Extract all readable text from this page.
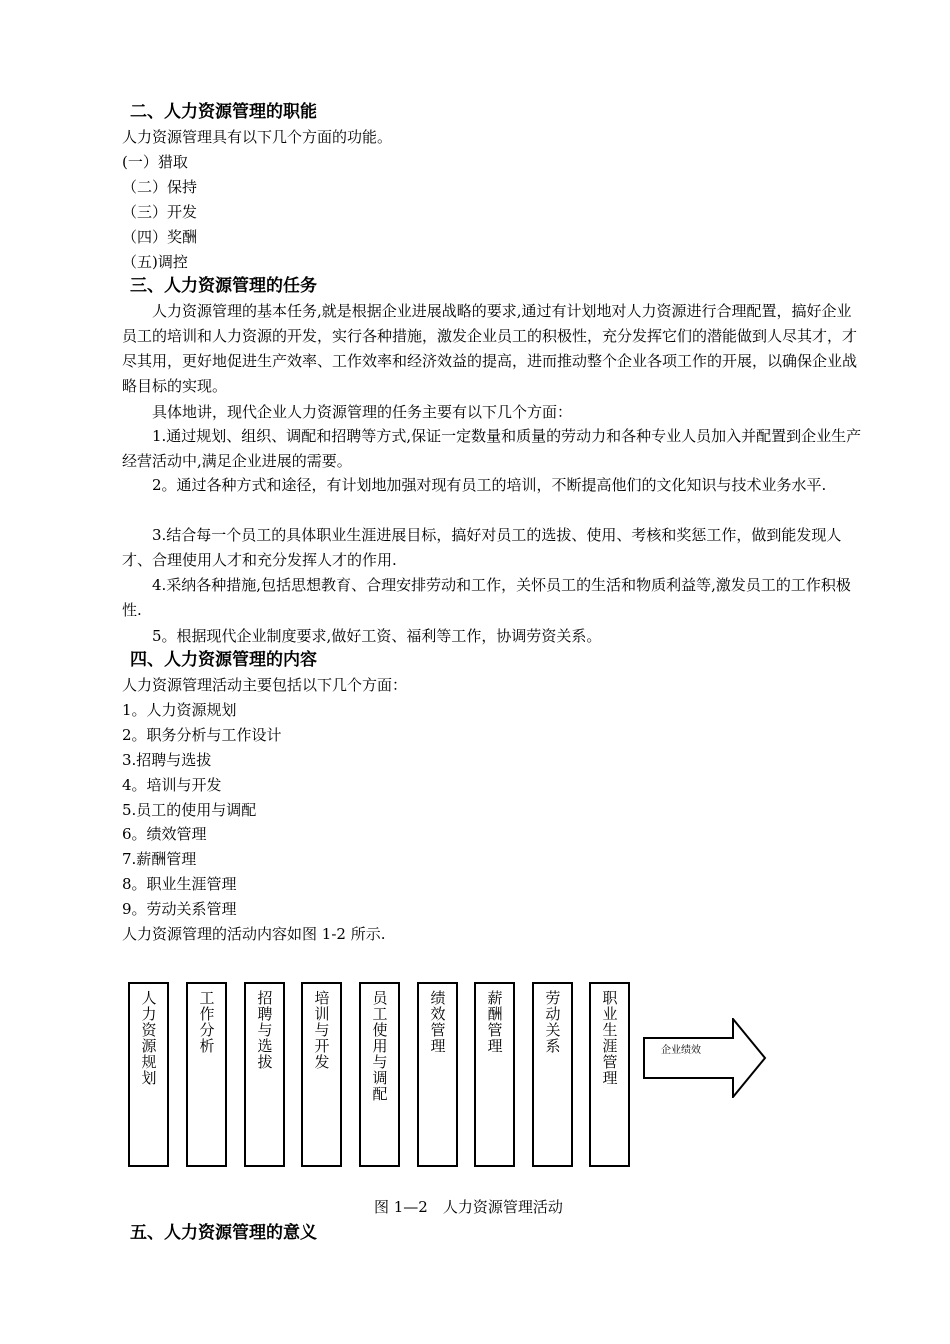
二、人力资源管理的职能
人力资源管理具有以下几个方面的功能。
(一）猎取
（二）保持
（三）开发
（四）奖酬
（五)调控
三、人力资源管理的任务
人力资源管理的基本任务,就是根据企业进展战略的要求,通过有计划地对人力资源进行合理配置，搞好企业员工的培训和人力资源的开发，实行各种措施，激发企业员工的积极性，充分发挥它们的潜能做到人尽其才，才尽其用，更好地促进生产效率、工作效率和经济效益的提高，进而推动整个企业各项工作的开展，以确保企业战略目标的实现。
具体地讲，现代企业人力资源管理的任务主要有以下几个方面：
1.通过规划、组织、调配和招聘等方式,保证一定数量和质量的劳动力和各种专业人员加入并配置到企业生产经营活动中,满足企业进展的需要。
2。通过各种方式和途径，有计划地加强对现有员工的培训，不断提高他们的文化知识与技术业务水平.
3.结合每一个员工的具体职业生涯进展目标，搞好对员工的选拔、使用、考核和奖惩工作，做到能发现人才、合理使用人才和充分发挥人才的作用.
4.采纳各种措施,包括思想教育、合理安排劳动和工作，关怀员工的生活和物质利益等,激发员工的工作积极性.
5。根据现代企业制度要求,做好工资、福利等工作，协调劳资关系。
四、人力资源管理的内容
人力资源管理活动主要包括以下几个方面：
1。人力资源规划
2。职务分析与工作设计
3.招聘与选拔
4。培训与开发
5.员工的使用与调配
6。绩效管理
7.薪酬管理
8。职业生涯管理
9。劳动关系管理
人力资源管理的活动内容如图 1-2 所示.
人力资源规划	工作分析	招聘与选拔	培训与开发	员工使用与调配	绩效管理	薪酬管理	劳动关系	职业生涯管理	企业绩效
图 1—2　人力资源管理活动
五、人力资源管理的意义
